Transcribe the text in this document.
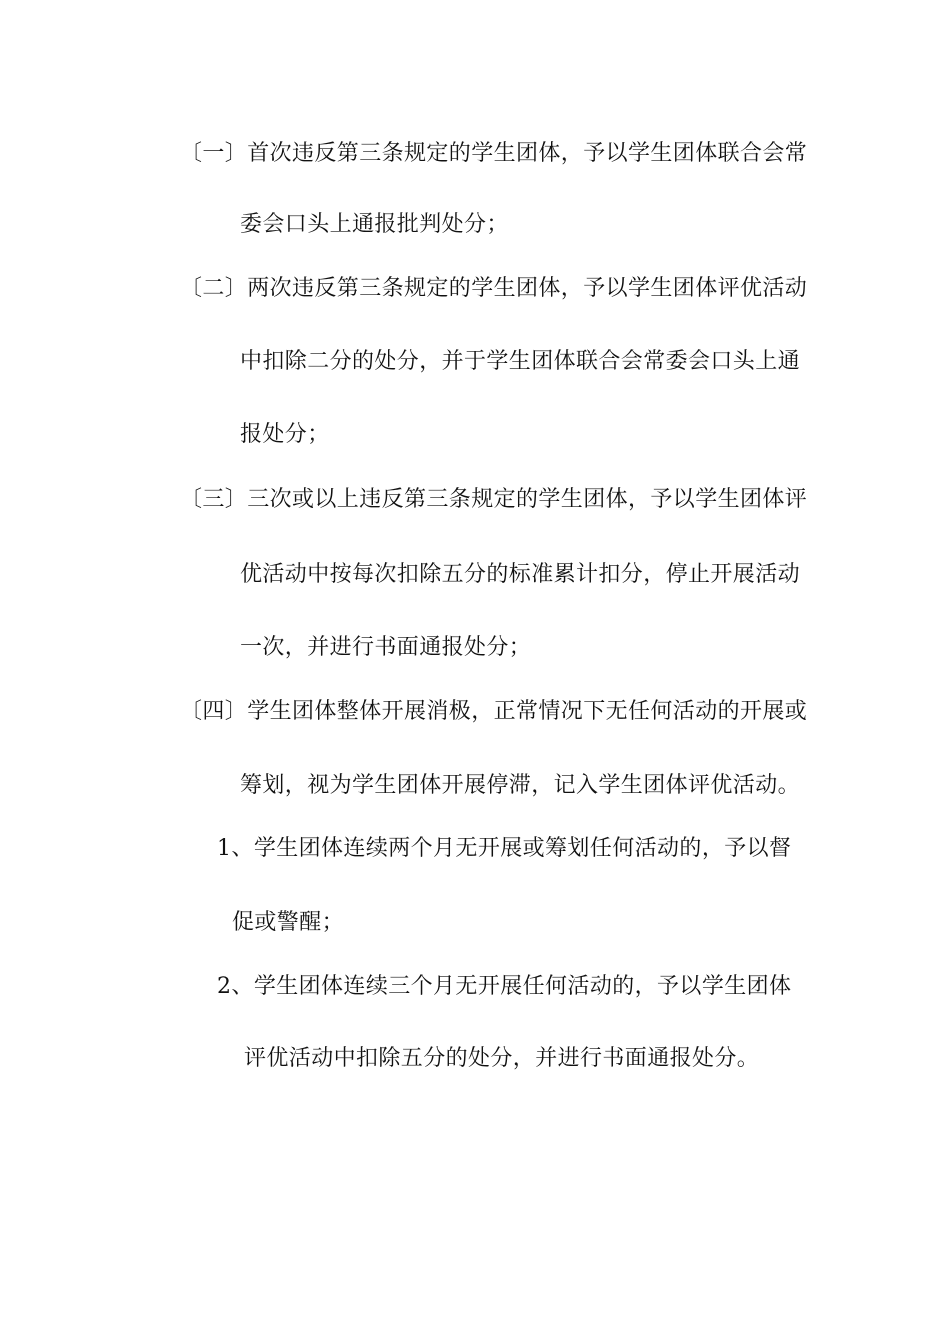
〔一〕首次违反第三条规定的学生团体，予以学生团体联合会常
委会口头上通报批判处分；
〔二〕两次违反第三条规定的学生团体，予以学生团体评优活动
中扣除二分的处分，并于学生团体联合会常委会口头上通
报处分；
〔三〕三次或以上违反第三条规定的学生团体，予以学生团体评
优活动中按每次扣除五分的标准累计扣分，停止开展活动
一次，并进行书面通报处分；
〔四〕学生团体整体开展消极，正常情况下无任何活动的开展或
筹划，视为学生团体开展停滞，记入学生团体评优活动。
1、学生团体连续两个月无开展或筹划任何活动的，予以督
促或警醒；
2、学生团体连续三个月无开展任何活动的，予以学生团体
评优活动中扣除五分的处分，并进行书面通报处分。
